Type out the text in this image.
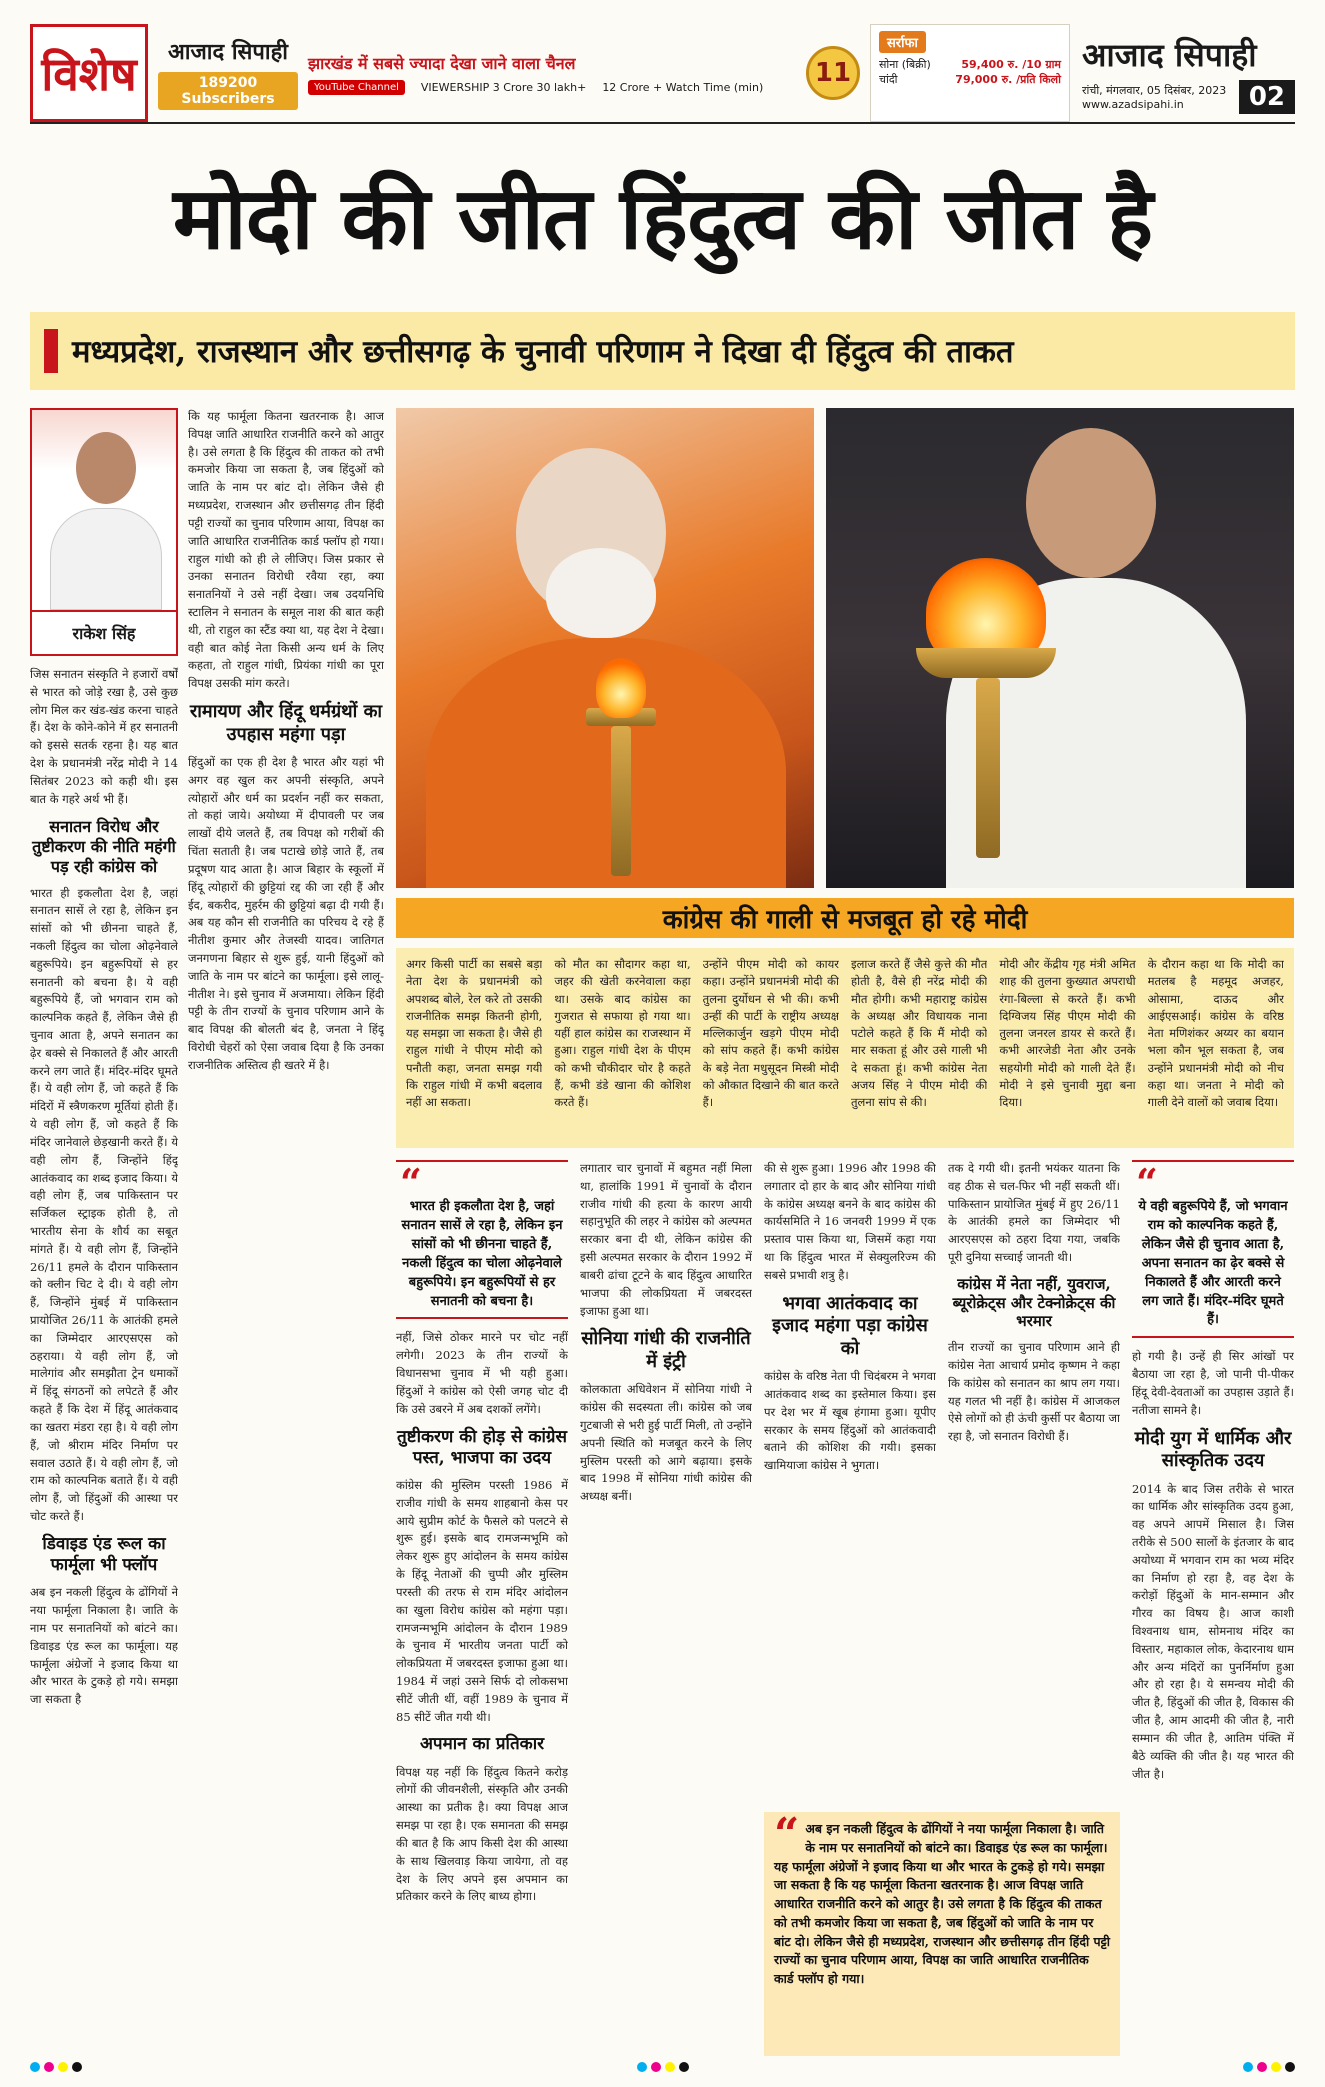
विशेष	आजाद सिपाही
189200 Subscribers
झारखंड में सबसे ज्यादा देखा जाने वाला चैनल
YouTube Channel	VIEWERSHIP 3 Crore 30 lakh+ 12 Crore + Watch Time (min)	11
सर्राफा
सोना (बिक्री)	59,400 रु. /10 ग्राम
चांदी	79,000 रु. /प्रति किलो
आजाद सिपाही
रांची, मंगलवार, 05 दिसंबर, 2023
www.azadsipahi.in	02
मोदी की जीत हिंदुत्व की जीत है
मध्यप्रदेश, राजस्थान और छत्तीसगढ़ के चुनावी परिणाम ने दिखा दी हिंदुत्व की ताकत
राकेश सिंह

जिस सनातन संस्कृति ने हजारों वर्षों से भारत को जोड़े रखा है, उसे कुछ लोग मिल कर खंड-खंड करना चाहते हैं। देश के कोने-कोने में हर सनातनी को इससे सतर्क रहना है। यह बात देश के प्रधानमंत्री नरेंद्र मोदी ने 14 सितंबर 2023 को कही थी। इस बात के गहरे अर्थ भी हैं।

सनातन विरोध और तुष्टीकरण की नीति महंगी पड़ रही कांग्रेस को

भारत ही इकलौता देश है, जहां सनातन सासें ले रहा है, लेकिन इन सांसों को भी छीनना चाहते हैं, नकली हिंदुत्व का चोला ओढ़नेवाले बहुरूपिये। इन बहुरूपियों से हर सनातनी को बचना है। ये वही बहुरूपिये हैं, जो भगवान राम को काल्पनिक कहते हैं, लेकिन जैसे ही चुनाव आता है, अपने सनातन का ढ़ेर बक्से से निकालते हैं और आरती करने लग जाते हैं। मंदिर-मंदिर घूमते हैं। ये वही लोग हैं, जो कहते हैं कि मंदिरों में स्त्रैणकरण मूर्तियां होती हैं। ये वही लोग हैं, जो कहते हैं कि मंदिर जानेवाले छेड़खानी करते हैं। ये वही लोग हैं, जिन्होंने हिंदू आतंकवाद का शब्द इजाद किया। ये वही लोग हैं, जब पाकिस्तान पर सर्जिकल स्ट्राइक होती है, तो भारतीय सेना के शौर्य का सबूत मांगते हैं। ये वही लोग हैं, जिन्होंने 26/11 हमले के दौरान पाकिस्तान को क्लीन चिट दे दी। ये वही लोग हैं, जिन्होंने मुंबई में पाकिस्तान प्रायोजित 26/11 के आतंकी हमले का जिम्मेदार आरएसएस को ठहराया। ये वही लोग हैं, जो मालेगांव और समझौता ट्रेन धमाकों में हिंदू संगठनों को लपेटते हैं और कहते हैं कि देश में हिंदू आतंकवाद का खतरा मंडरा रहा है। ये वही लोग हैं, जो श्रीराम मंदिर निर्माण पर सवाल उठाते हैं। ये वही लोग हैं, जो राम को काल्पनिक बताते हैं। ये वही लोग हैं, जो हिंदुओं की आस्था पर चोट करते हैं।

डिवाइड एंड रूल का फार्मूला भी फ्लॉप

अब इन नकली हिंदुत्व के ढोंगियों ने नया फार्मूला निकाला है। जाति के नाम पर सनातनियों को बांटने का। डिवाइड एंड रूल का फार्मूला। यह फार्मूला अंग्रेजों ने इजाद किया था और भारत के टुकड़े हो गये। समझा जा सकता है

कि यह फार्मूला कितना खतरनाक है। आज विपक्ष जाति आधारित राजनीति करने को आतुर है। उसे लगता है कि हिंदुत्व की ताकत को तभी कमजोर किया जा सकता है, जब हिंदुओं को जाति के नाम पर बांट दो। लेकिन जैसे ही मध्यप्रदेश, राजस्थान और छत्तीसगढ़ तीन हिंदी पट्टी राज्यों का चुनाव परिणाम आया, विपक्ष का जाति आधारित राजनीतिक कार्ड फ्लॉप हो गया। राहुल गांधी को ही ले लीजिए। जिस प्रकार से उनका सनातन विरोधी रवैया रहा, क्या सनातनियों ने उसे नहीं देखा। जब उदयनिधि स्टालिन ने सनातन के समूल नाश की बात कही थी, तो राहुल का स्टैंड क्या था, यह देश ने देखा। वही बात कोई नेता किसी अन्य धर्म के लिए कहता, तो राहुल गांधी, प्रियंका गांधी का पूरा विपक्ष उसकी मांग करते।

रामायण और हिंदू धर्मग्रंथों का उपहास महंगा पड़ा

हिंदुओं का एक ही देश है भारत और यहां भी अगर वह खुल कर अपनी संस्कृति, अपने त्योहारों और धर्म का प्रदर्शन नहीं कर सकता, तो कहां जाये। अयोध्या में दीपावली पर जब लाखों दीये जलते हैं, तब विपक्ष को गरीबों की चिंता सताती है। जब पटाखे छोड़े जाते हैं, तब प्रदूषण याद आता है। आज बिहार के स्कूलों में हिंदू त्योहारों की छुट्टियां रद्द की जा रही हैं और ईद, बकरीद, मुहर्रम की छुट्टियां बढ़ा दी गयी हैं। अब यह कौन सी राजनीति का परिचय दे रहे हैं नीतीश कुमार और तेजस्वी यादव। जातिगत जनगणना बिहार से शुरू हुई, यानी हिंदुओं को जाति के नाम पर बांटने का फार्मूला। इसे लालू-नीतीश ने। इसे चुनाव में अजमाया। लेकिन हिंदी पट्टी के तीन राज्यों के चुनाव परिणाम आने के बाद विपक्ष की बोलती बंद है, जनता ने हिंदू विरोधी चेहरों को ऐसा जवाब दिया है कि उनका राजनीतिक अस्तित्व ही खतरे में है।

कांग्रेस की गाली से मजबूत हो रहे मोदी
अगर किसी पार्टी का सबसे बड़ा नेता देश के प्रधानमंत्री को अपशब्द बोले, रेल करे तो उसकी राजनीतिक समझ कितनी होगी, यह समझा जा सकता है। जैसे ही राहुल गांधी ने पीएम मोदी को पनौती कहा, जनता समझ गयी कि राहुल गांधी में कभी बदलाव नहीं आ सकता।
को मौत का सौदागर कहा था, जहर की खेती करनेवाला कहा था। उसके बाद कांग्रेस का गुजरात से सफाया हो गया था। यहीं हाल कांग्रेस का राजस्थान में हुआ। राहुल गांधी देश के पीएम को कभी चौकीदार चोर है कहते हैं, कभी डंडे खाना की कोशिश करते हैं।
उन्होंने पीएम मोदी को कायर कहा। उन्होंने प्रधानमंत्री मोदी की तुलना दुर्योधन से भी की। कभी उन्हीं की पार्टी के राष्ट्रीय अध्यक्ष मल्लिकार्जुन खड़गे पीएम मोदी को सांप कहते हैं। कभी कांग्रेस के बड़े नेता मधुसूदन मिस्त्री मोदी को औकात दिखाने की बात करते हैं।
इलाज करते हैं जैसे कुत्ते की मौत होती है, वैसे ही नरेंद्र मोदी की मौत होगी। कभी महाराष्ट्र कांग्रेस के अध्यक्ष और विधायक नाना पटोले कहते हैं कि मैं मोदी को मार सकता हूं और उसे गाली भी दे सकता हूं। कभी कांग्रेस नेता अजय सिंह ने पीएम मोदी की तुलना सांप से की।
मोदी और केंद्रीय गृह मंत्री अमित शाह की तुलना कुख्यात अपराधी रंगा-बिल्ला से करते हैं। कभी दिग्विजय सिंह पीएम मोदी की तुलना जनरल डायर से करते हैं। कभी आरजेडी नेता और उनके सहयोगी मोदी को गाली देते हैं। मोदी ने इसे चुनावी मुद्दा बना दिया।
के दौरान कहा था कि मोदी का मतलब है महमूद अजहर, ओसामा, दाऊद और आईएसआई। कांग्रेस के वरिष्ठ नेता मणिशंकर अय्यर का बयान भला कौन भूल सकता है, जब उन्होंने प्रधानमंत्री मोदी को नीच कहा था। जनता ने मोदी को गाली देने वालों को जवाब दिया।
“
भारत ही इकलौता देश है, जहां सनातन सासें ले रहा है, लेकिन इन सांसों को भी छीनना चाहते हैं, नकली हिंदुत्व का चोला ओढ़नेवाले बहुरूपिये। इन बहुरूपियों से हर सनातनी को बचना है।

नहीं, जिसे ठोकर मारने पर चोट नहीं लगेगी। 2023 के तीन राज्यों के विधानसभा चुनाव में भी यही हुआ। हिंदुओं ने कांग्रेस को ऐसी जगह चोट दी कि उसे उबरने में अब दशकों लगेंगे।

तुष्टीकरण की होड़ से कांग्रेस पस्त, भाजपा का उदय

कांग्रेस की मुस्लिम परस्ती 1986 में राजीव गांधी के समय शाहबानो केस पर आये सुप्रीम कोर्ट के फैसले को पलटने से शुरू हुई। इसके बाद रामजन्मभूमि को लेकर शुरू हुए आंदोलन के समय कांग्रेस के हिंदू नेताओं की चुप्पी और मुस्लिम परस्ती की तरफ से राम मंदिर आंदोलन का खुला विरोध कांग्रेस को महंगा पड़ा। रामजन्मभूमि आंदोलन के दौरान 1989 के चुनाव में भारतीय जनता पार्टी को लोकप्रियता में जबरदस्त इजाफा हुआ था। 1984 में जहां उसने सिर्फ दो लोकसभा सीटें जीती थीं, वहीं 1989 के चुनाव में 85 सीटें जीत गयी थी।

अपमान का प्रतिकार

विपक्ष यह नहीं कि हिंदुत्व कितने करोड़ लोगों की जीवनशैली, संस्कृति और उनकी आस्था का प्रतीक है। क्या विपक्ष आज समझ पा रहा है। एक समानता की समझ की बात है कि आप किसी देश की आस्था के साथ खिलवाड़ किया जायेगा, तो वह देश के लिए अपने इस अपमान का प्रतिकार करने के लिए बाध्य होगा।

लगातार चार चुनावों में बहुमत नहीं मिला था, हालांकि 1991 में चुनावों के दौरान राजीव गांधी की हत्या के कारण आयी सहानुभूति की लहर ने कांग्रेस को अल्पमत सरकार बना दी थी, लेकिन कांग्रेस की इसी अल्पमत सरकार के दौरान 1992 में बाबरी ढांचा टूटने के बाद हिंदुत्व आधारित भाजपा की लोकप्रियता में जबरदस्त इजाफा हुआ था।

सोनिया गांधी की राजनीति में इंट्री

कोलकाता अधिवेशन में सोनिया गांधी ने कांग्रेस की सदस्यता ली। कांग्रेस को जब गुटबाजी से भरी हुई पार्टी मिली, तो उन्होंने अपनी स्थिति को मजबूत करने के लिए मुस्लिम परस्ती को आगे बढ़ाया। इसके बाद 1998 में सोनिया गांधी कांग्रेस की अध्यक्ष बनीं।

की से शुरू हुआ। 1996 और 1998 की लगातार दो हार के बाद और सोनिया गांधी के कांग्रेस अध्यक्ष बनने के बाद कांग्रेस की कार्यसमिति ने 16 जनवरी 1999 में एक प्रस्ताव पास किया था, जिसमें कहा गया था कि हिंदुत्व भारत में सेक्युलरिज्म की सबसे प्रभावी शत्रु है।

भगवा आतंकवाद का इजाद महंगा पड़ा कांग्रेस को

कांग्रेस के वरिष्ठ नेता पी चिदंबरम ने भगवा आतंकवाद शब्द का इस्तेमाल किया। इस पर देश भर में खूब हंगामा हुआ। यूपीए सरकार के समय हिंदुओं को आतंकवादी बताने की कोशिश की गयी। इसका खामियाजा कांग्रेस ने भुगता।

तक दे गयी थी। इतनी भयंकर यातना कि वह ठीक से चल-फिर भी नहीं सकती थीं। पाकिस्तान प्रायोजित मुंबई में हुए 26/11 के आतंकी हमले का जिम्मेदार भी आरएसएस को ठहरा दिया गया, जबकि पूरी दुनिया सच्चाई जानती थी।

कांग्रेस में नेता नहीं, युवराज, ब्यूरोक्रेट्स और टेक्नोक्रेट्स की भरमार

तीन राज्यों का चुनाव परिणाम आने ही कांग्रेस नेता आचार्य प्रमोद कृष्णम ने कहा कि कांग्रेस को सनातन का श्राप लग गया। यह गलत भी नहीं है। कांग्रेस में आजकल ऐसे लोगों को ही ऊंची कुर्सी पर बैठाया जा रहा है, जो सनातन विरोधी हैं।

“
ये वही बहुरूपिये हैं, जो भगवान राम को काल्पनिक कहते हैं, लेकिन जैसे ही चुनाव आता है, अपना सनातन का ढ़ेर बक्से से निकालते हैं और आरती करने लग जाते हैं। मंदिर-मंदिर घूमते हैं।

हो गयी है। उन्हें ही सिर आंखों पर बैठाया जा रहा है, जो पानी पी-पीकर हिंदू देवी-देवताओं का उपहास उड़ाते हैं। नतीजा सामने है।

मोदी युग में धार्मिक और सांस्कृतिक उदय

2014 के बाद जिस तरीके से भारत का धार्मिक और सांस्कृतिक उदय हुआ, वह अपने आपमें मिसाल है। जिस तरीके से 500 सालों के इंतजार के बाद अयोध्या में भगवान राम का भव्य मंदिर का निर्माण हो रहा है, वह देश के करोड़ों हिंदुओं के मान-सम्मान और गौरव का विषय है। आज काशी विश्वनाथ धाम, सोमनाथ मंदिर का विस्तार, महाकाल लोक, केदारनाथ धाम और अन्य मंदिरों का पुनर्निर्माण हुआ और हो रहा है। ये समन्वय मोदी की जीत है, हिंदुओं की जीत है, विकास की जीत है, आम आदमी की जीत है, नारी सम्मान की जीत है, आतिम पंक्ति में बैठे व्यक्ति की जीत है। यह भारत की जीत है।

“ अब इन नकली हिंदुत्व के ढोंगियों ने नया फार्मूला निकाला है। जाति के नाम पर सनातनियों को बांटने का। डिवाइड एंड रूल का फार्मूला। यह फार्मूला अंग्रेजों ने इजाद किया था और भारत के टुकड़े हो गये। समझा जा सकता है कि यह फार्मूला कितना खतरनाक है। आज विपक्ष जाति आधारित राजनीति करने को आतुर है। उसे लगता है कि हिंदुत्व की ताकत को तभी कमजोर किया जा सकता है, जब हिंदुओं को जाति के नाम पर बांट दो। लेकिन जैसे ही मध्यप्रदेश, राजस्थान और छत्तीसगढ़ तीन हिंदी पट्टी राज्यों का चुनाव परिणाम आया, विपक्ष का जाति आधारित राजनीतिक कार्ड फ्लॉप हो गया।
